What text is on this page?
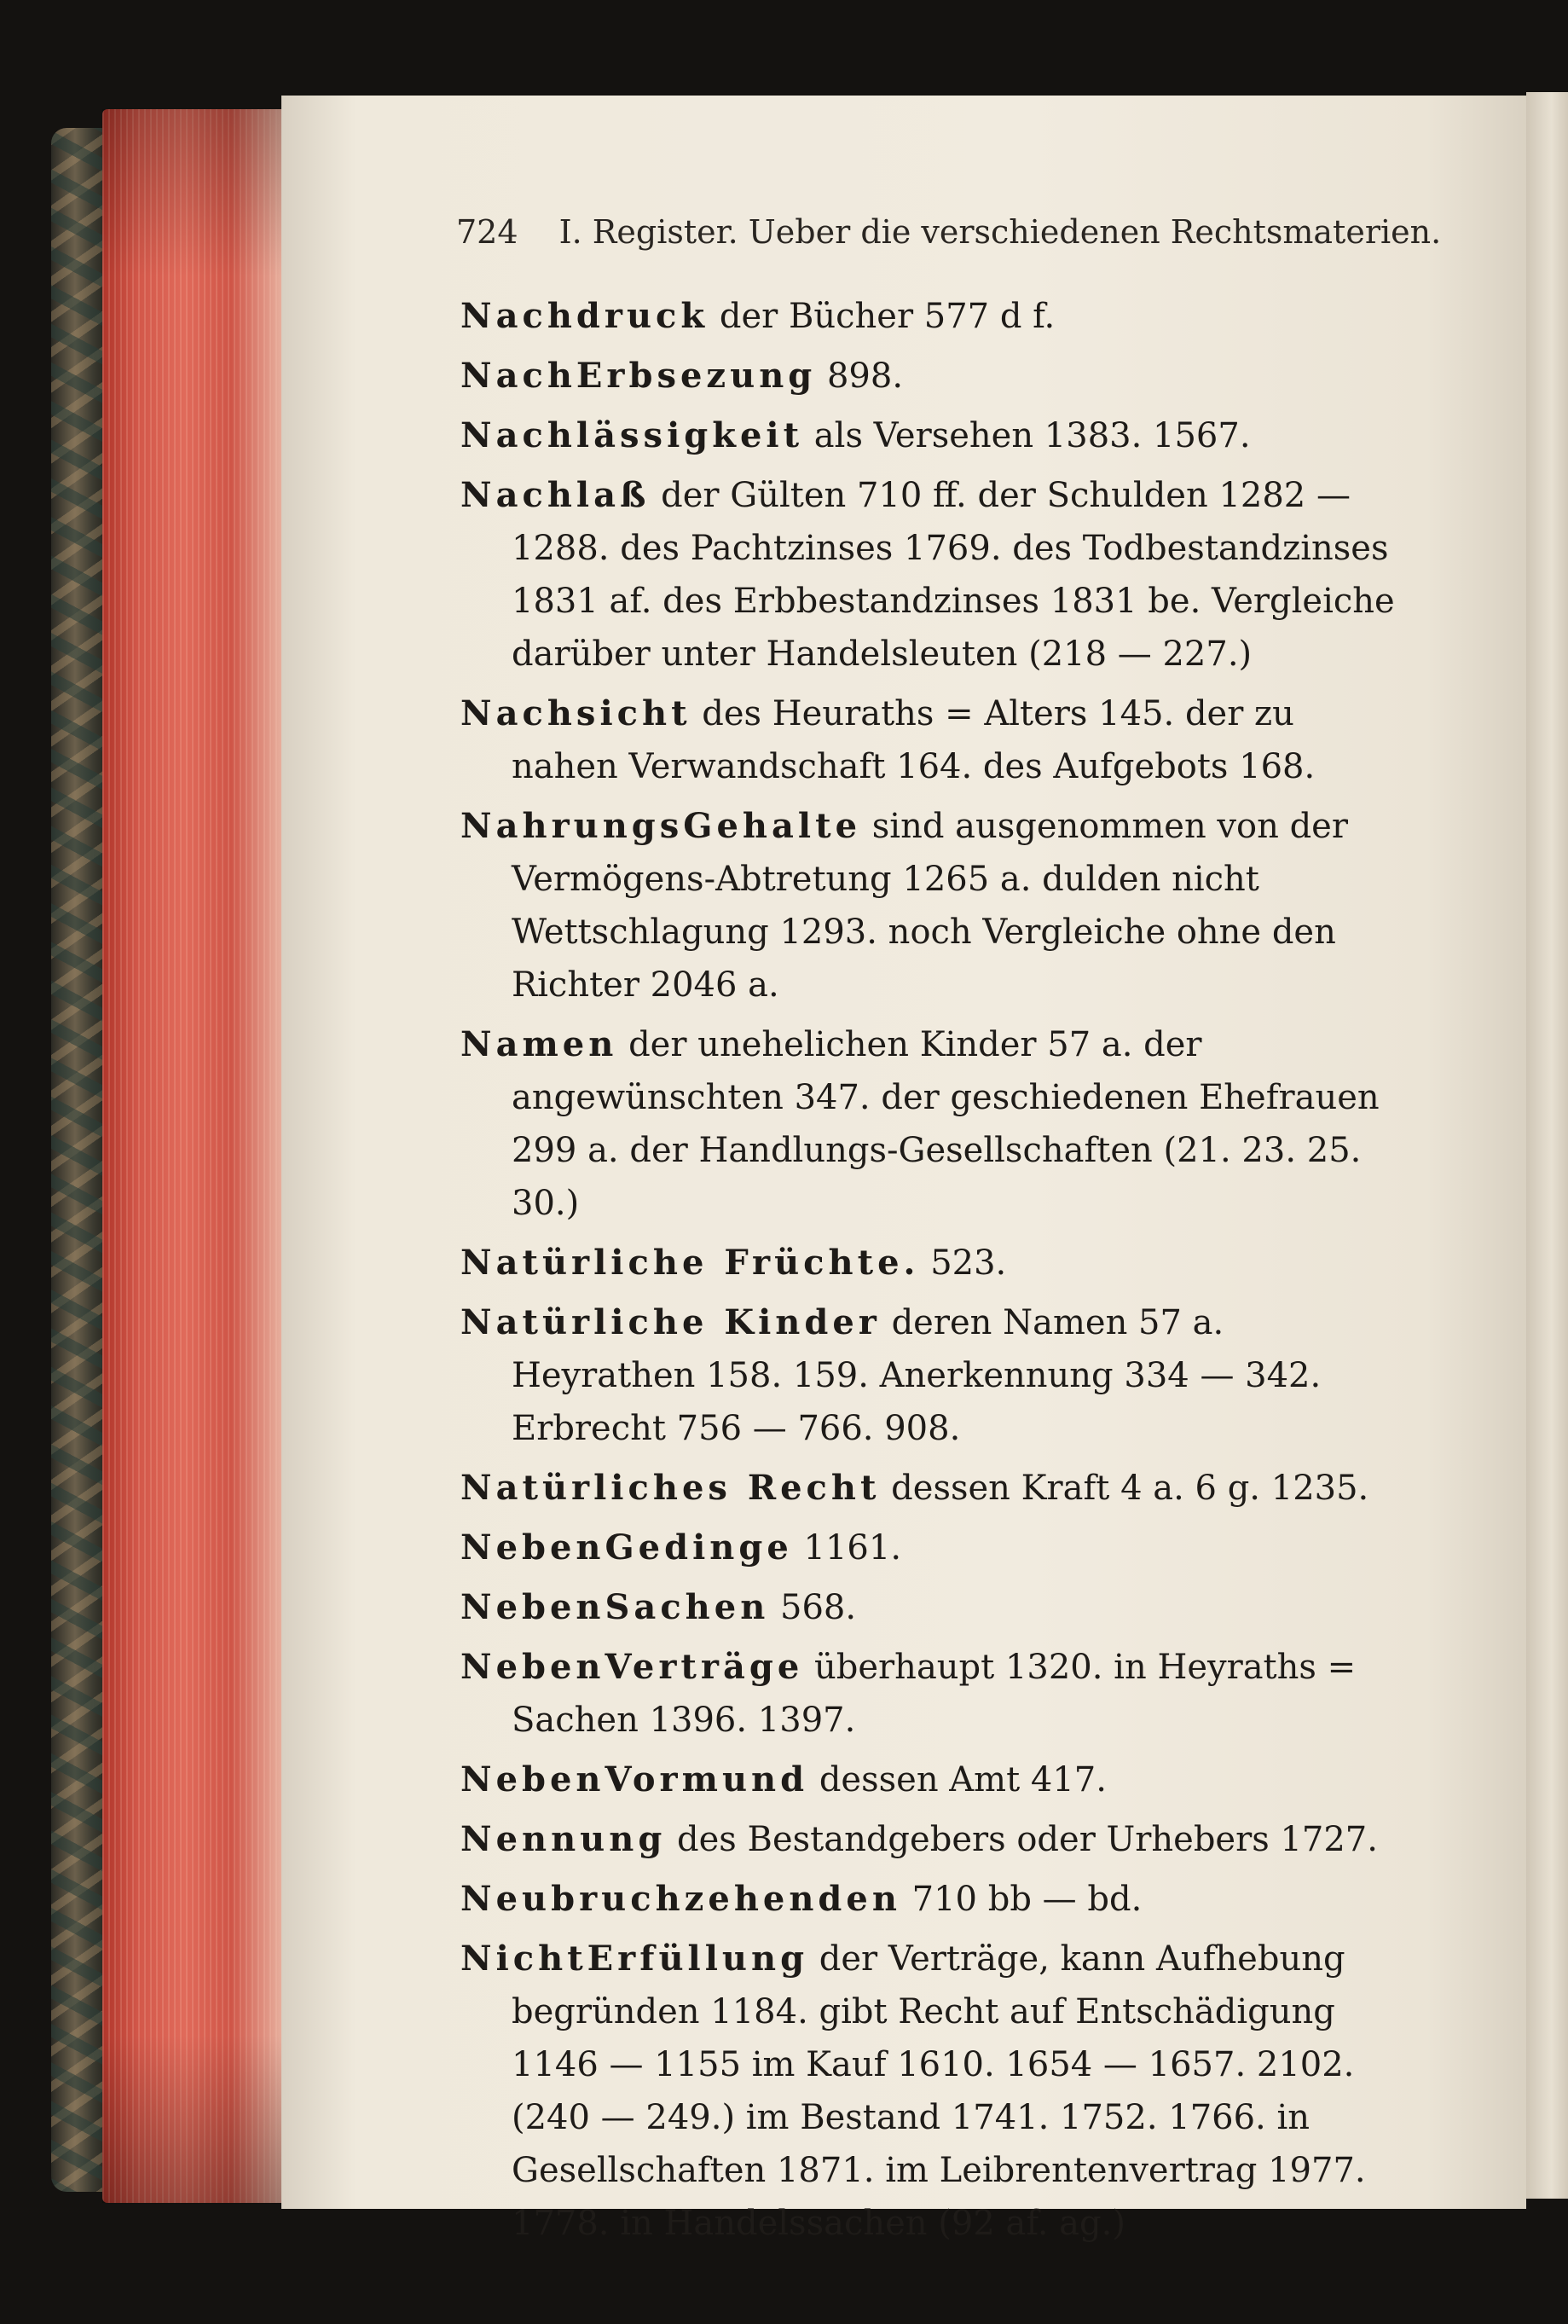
724 I. Register. Ueber die verschiedenen Rechtsmaterien.
Nachdruck der Bücher 577 d f.
NachErbsezung 898.
Nachlässigkeit als Versehen 1383. 1567.
Nachlaß der Gülten 710 ff. der Schulden 1282 — 1288. des Pachtzinses 1769. des Todbestandzinses 1831 af. des Erbbestandzinses 1831 be. Vergleiche darüber unter Handelsleuten (218 — 227.)
Nachsicht des Heuraths = Alters 145. der zu nahen Verwandschaft 164. des Aufgebots 168.
NahrungsGehalte sind ausgenommen von der Vermögens-Abtretung 1265 a. dulden nicht Wettschlagung 1293. noch Vergleiche ohne den Richter 2046 a.
Namen der unehelichen Kinder 57 a. der angewünschten 347. der geschiedenen Ehefrauen 299 a. der Handlungs-Gesellschaften (21. 23. 25. 30.)
Natürliche Früchte. 523.
Natürliche Kinder deren Namen 57 a. Heyrathen 158. 159. Anerkennung 334 — 342. Erbrecht 756 — 766. 908.
Natürliches Recht dessen Kraft 4 a. 6 g. 1235.
NebenGedinge 1161.
NebenSachen 568.
NebenVerträge überhaupt 1320. in Heyraths = Sachen 1396. 1397.
NebenVormund dessen Amt 417.
Nennung des Bestandgebers oder Urhebers 1727.
Neubruchzehenden 710 bb — bd.
NichtErfüllung der Verträge, kann Aufhebung begründen 1184. gibt Recht auf Entschädigung 1146 — 1155 im Kauf 1610. 1654 — 1657. 2102. (240 — 249.) im Bestand 1741. 1752. 1766. in Gesellschaften 1871. im Leibrentenvertrag 1977. 1778. in Handelssachen (92 af. ag.)
